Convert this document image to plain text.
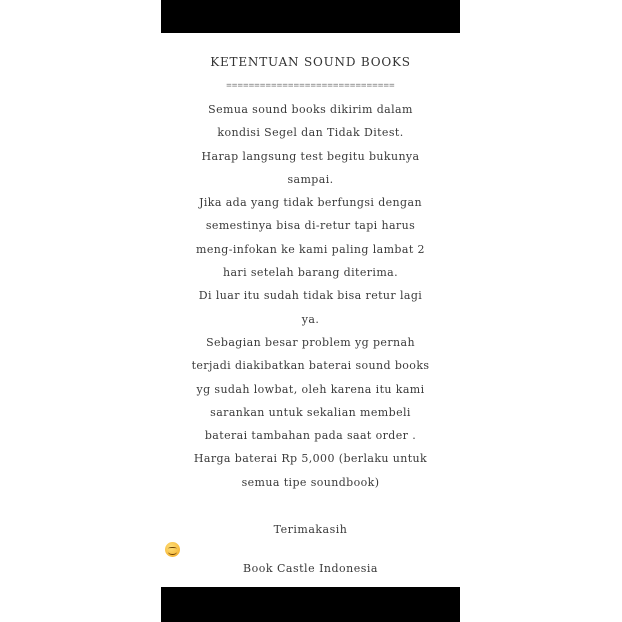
KETENTUAN SOUND BOOKS

==============================

Semua sound books dikirim dalam
kondisi Segel dan Tidak Ditest.
Harap langsung test begitu bukunya
sampai.
Jika ada yang tidak berfungsi dengan
semestinya bisa di-retur tapi harus
meng-infokan ke kami paling lambat 2
hari setelah barang diterima.
Di luar itu sudah tidak bisa retur lagi
ya.
Sebagian besar problem yg pernah
terjadi diakibatkan baterai sound books
yg sudah lowbat, oleh karena itu kami
sarankan untuk sekalian membeli
baterai tambahan pada saat order .
Harga baterai Rp 5,000 (berlaku untuk
semua tipe soundbook)

Terimakasih
Book Castle Indonesia
